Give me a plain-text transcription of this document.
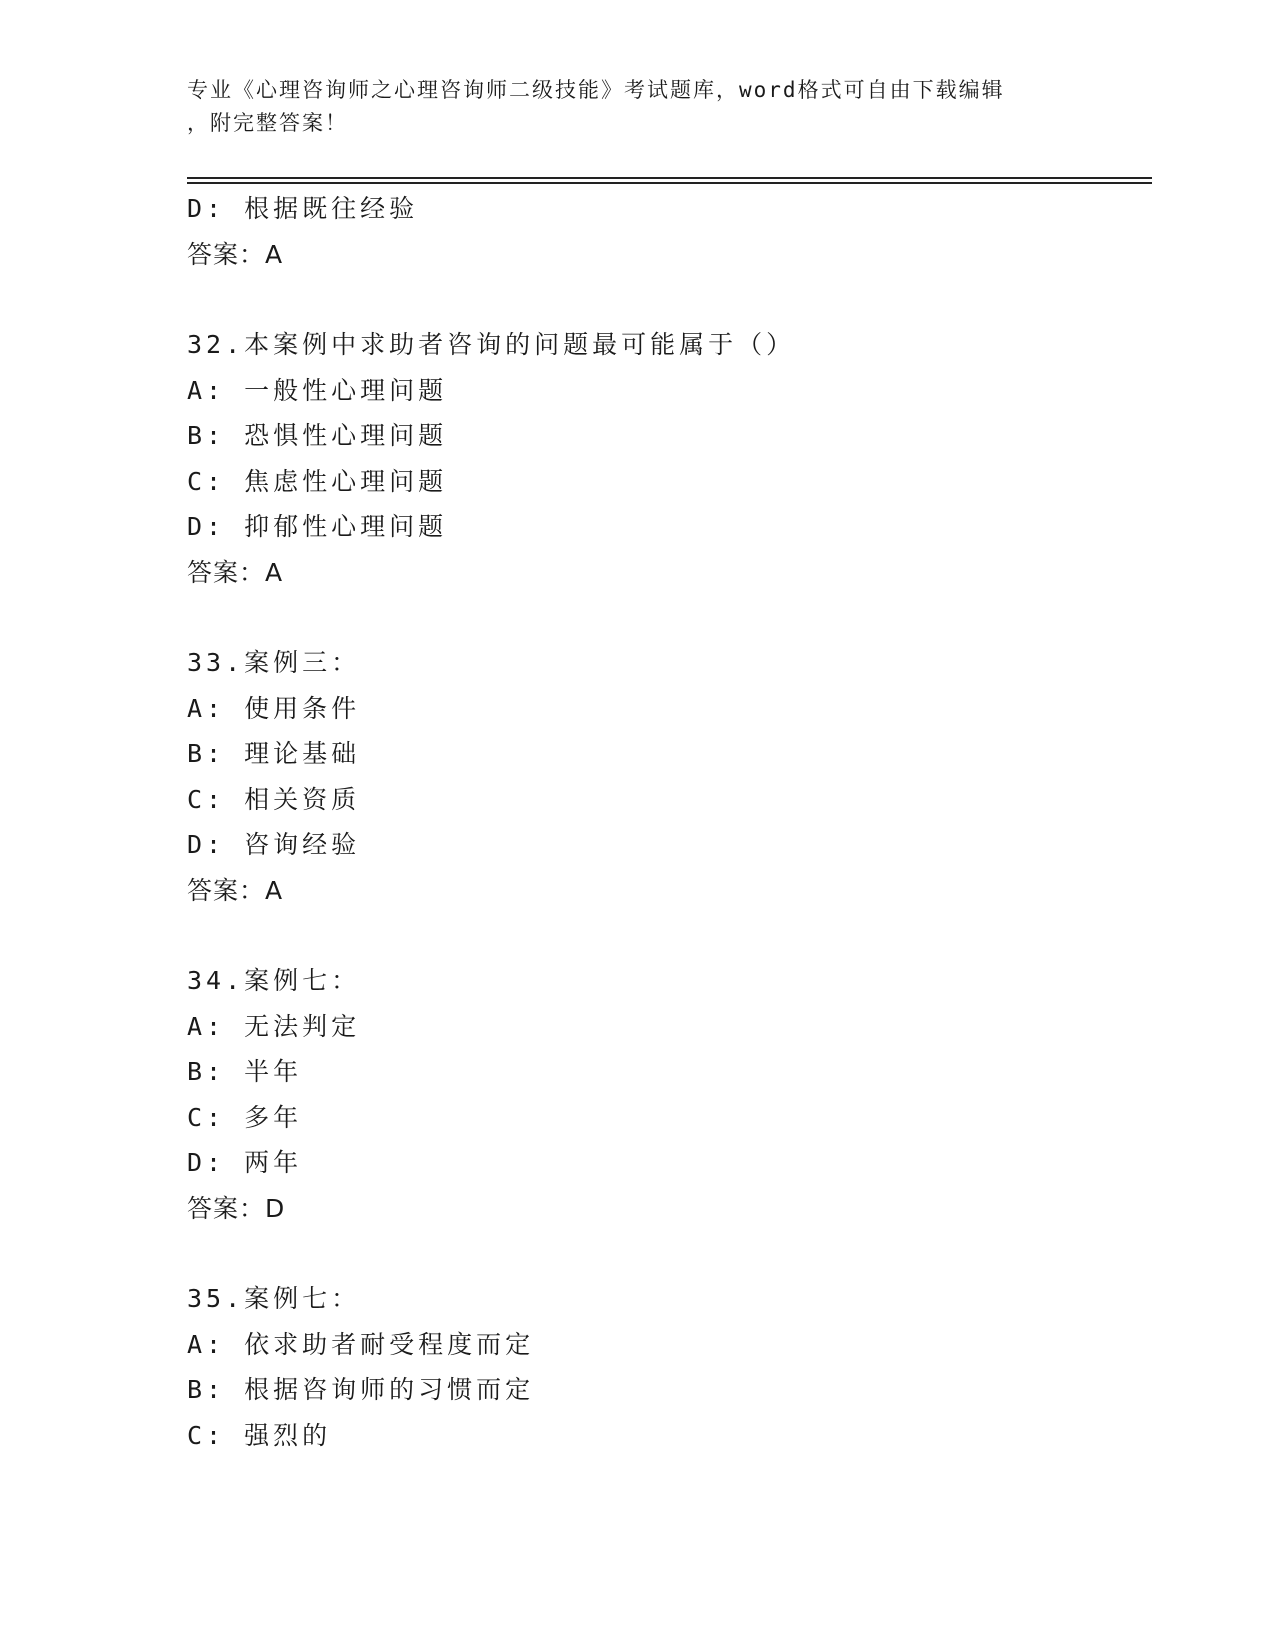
专业《心理咨询师之心理咨询师二级技能》考试题库，word格式可自由下载编辑
，附完整答案！
D: 根据既往经验
答案：A
32.本案例中求助者咨询的问题最可能属于（）
A: 一般性心理问题
B: 恐惧性心理问题
C: 焦虑性心理问题
D: 抑郁性心理问题
答案：A
33.案例三：
A: 使用条件
B: 理论基础
C: 相关资质
D: 咨询经验
答案：A
34.案例七：
A: 无法判定
B: 半年
C: 多年
D: 两年
答案：D
35.案例七：
A: 依求助者耐受程度而定
B: 根据咨询师的习惯而定
C: 强烈的
